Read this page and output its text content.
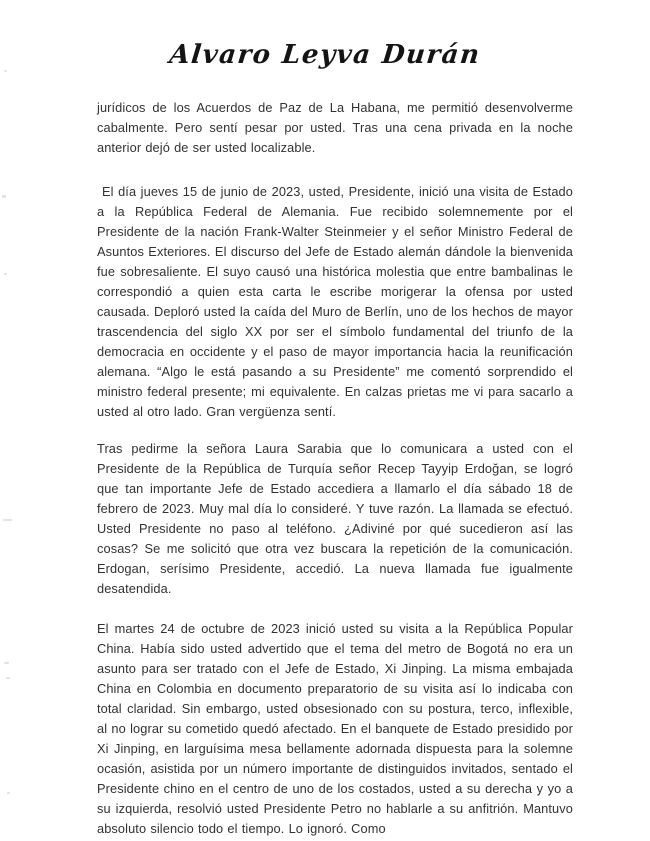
Alvaro Leyva Durán

jurídicos de los Acuerdos de Paz de La Habana, me permitió desenvolverme cabalmente. Pero sentí pesar por usted. Tras una cena privada en la noche anterior dejó de ser usted localizable.

El día jueves 15 de junio de 2023, usted, Presidente, inició una visita de Estado a la República Federal de Alemania. Fue recibido solemnemente por el Presidente de la nación Frank-Walter Steinmeier y el señor Ministro Federal de Asuntos Exteriores. El discurso del Jefe de Estado alemán dándole la bienvenida fue sobresaliente. El suyo causó una histórica molestia que entre bambalinas le correspondió a quien esta carta le escribe morigerar la ofensa por usted causada. Deploró usted la caída del Muro de Berlín, uno de los hechos de mayor trascendencia del siglo XX por ser el símbolo fundamental del triunfo de la democracia en occidente y el paso de mayor importancia hacia la reunificación alemana. “Algo le está pasando a su Presidente” me comentó sorprendido el ministro federal presente; mi equivalente. En calzas prietas me vi para sacarlo a usted al otro lado. Gran vergüenza sentí.

Tras pedirme la señora Laura Sarabia que lo comunicara a usted con el Presidente de la República de Turquía señor Recep Tayyip Erdoğan, se logró que tan importante Jefe de Estado accediera a llamarlo el día sábado 18 de febrero de 2023. Muy mal día lo consideré. Y tuve razón. La llamada se efectuó. Usted Presidente no paso al teléfono. ¿Adiviné por qué sucedieron así las cosas? Se me solicitó que otra vez buscara la repetición de la comunicación. Erdogan, serísimo Presidente, accedió. La nueva llamada fue igualmente desatendida.

El martes 24 de octubre de 2023 inició usted su visita a la República Popular China. Había sido usted advertido que el tema del metro de Bogotá no era un asunto para ser tratado con el Jefe de Estado, Xi Jinping. La misma embajada China en Colombia en documento preparatorio de su visita así lo indicaba con total claridad. Sin embargo, usted obsesionado con su postura, terco, inflexible, al no lograr su cometido quedó afectado. En el banquete de Estado presidido por Xi Jinping, en larguísima mesa bellamente adornada dispuesta para la solemne ocasión, asistida por un número importante de distinguidos invitados, sentado el Presidente chino en el centro de uno de los costados, usted a su derecha y yo a su izquierda, resolvió usted Presidente Petro no hablarle a su anfitrión. Mantuvo absoluto silencio todo el tiempo. Lo ignoró. Como
